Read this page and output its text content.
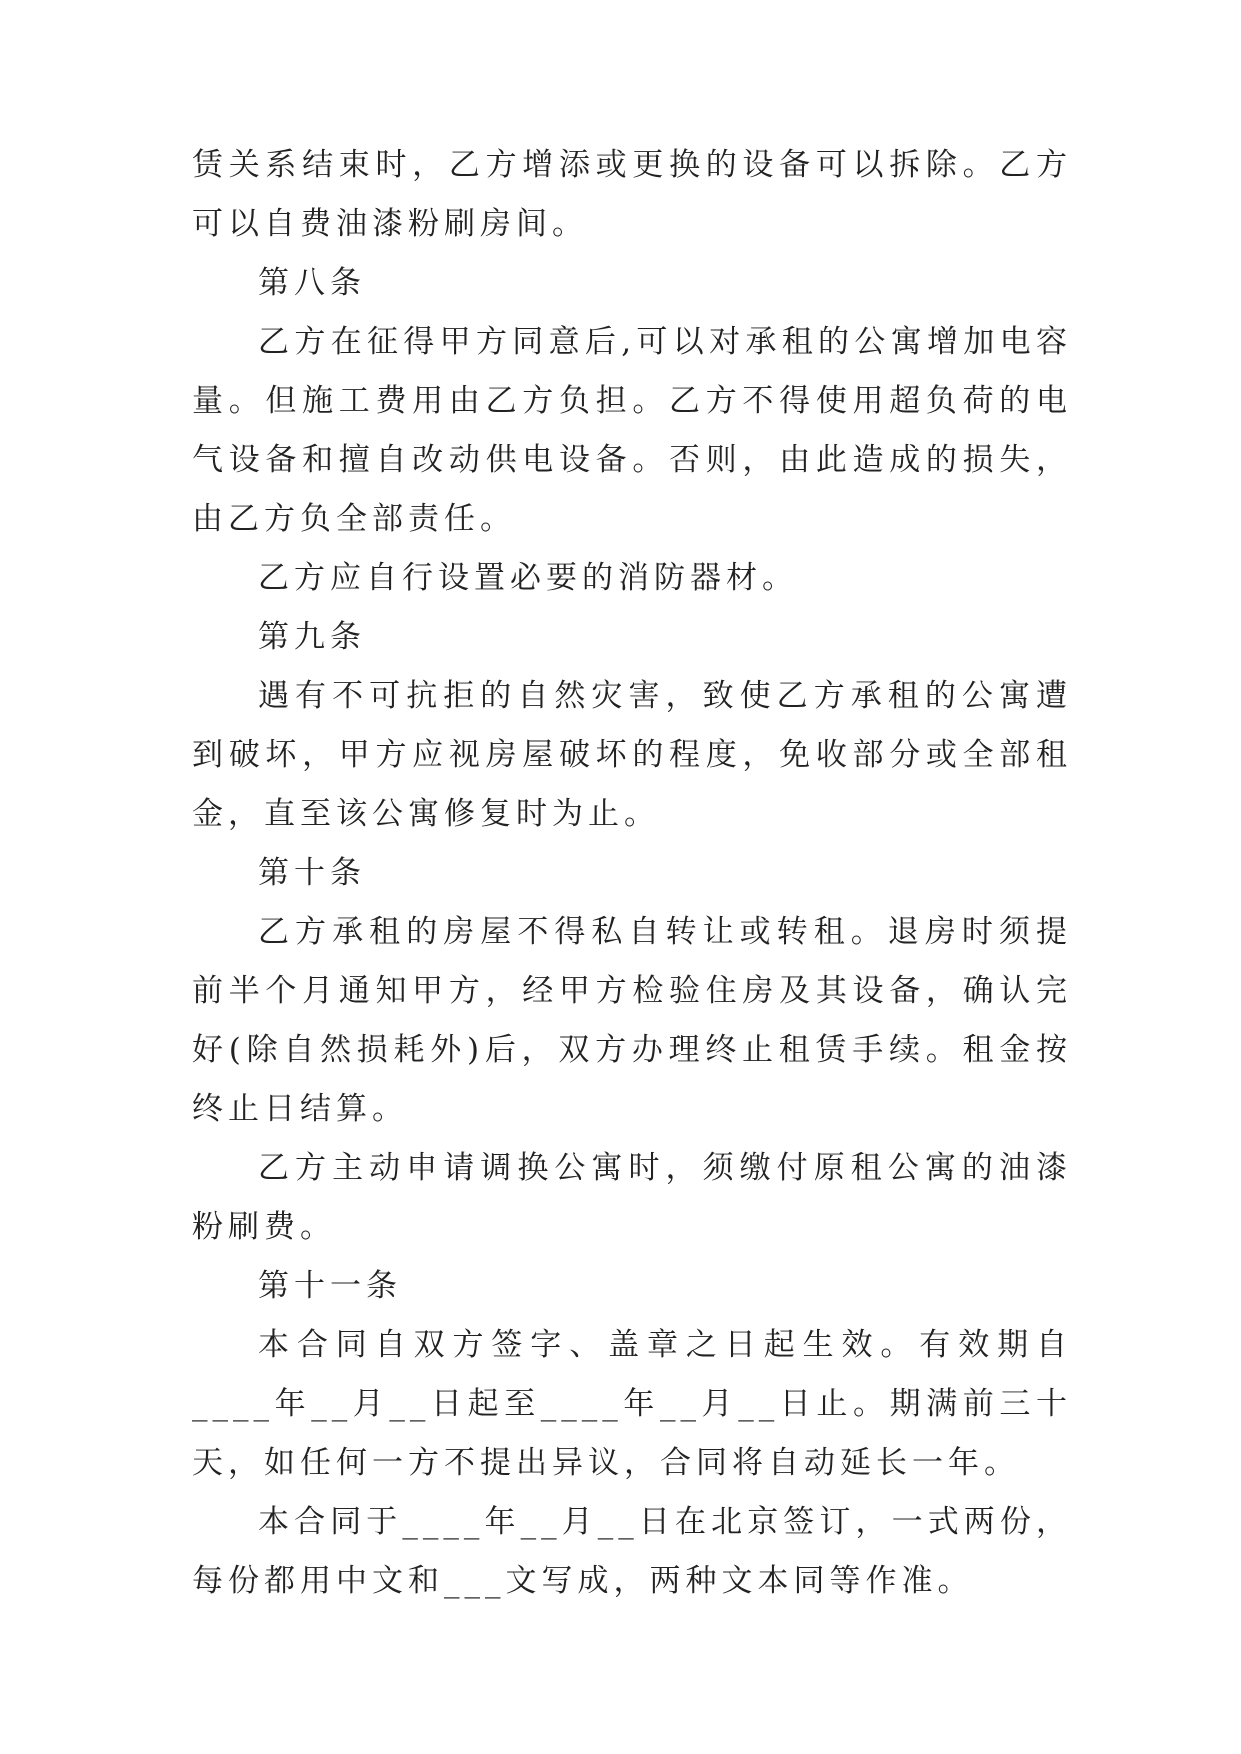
赁关系结束时，乙方增添或更换的设备可以拆除。乙方可以自费油漆粉刷房间。

第八条

乙方在征得甲方同意后,可以对承租的公寓增加电容量。但施工费用由乙方负担。乙方不得使用超负荷的电气设备和擅自改动供电设备。否则，由此造成的损失，由乙方负全部责任。

乙方应自行设置必要的消防器材。

第九条

遇有不可抗拒的自然灾害，致使乙方承租的公寓遭到破坏，甲方应视房屋破坏的程度，免收部分或全部租金，直至该公寓修复时为止。

第十条

乙方承租的房屋不得私自转让或转租。退房时须提前半个月通知甲方，经甲方检验住房及其设备，确认完好(除自然损耗外)后，双方办理终止租赁手续。租金按终止日结算。

乙方主动申请调换公寓时，须缴付原租公寓的油漆粉刷费。

第十一条

本合同自双方签字、盖章之日起生效。有效期自____年__月__日起至____年__月__日止。期满前三十天，如任何一方不提出异议，合同将自动延长一年。

本合同于____年__月__日在北京签订，一式两份，每份都用中文和___文写成，两种文本同等作准。
